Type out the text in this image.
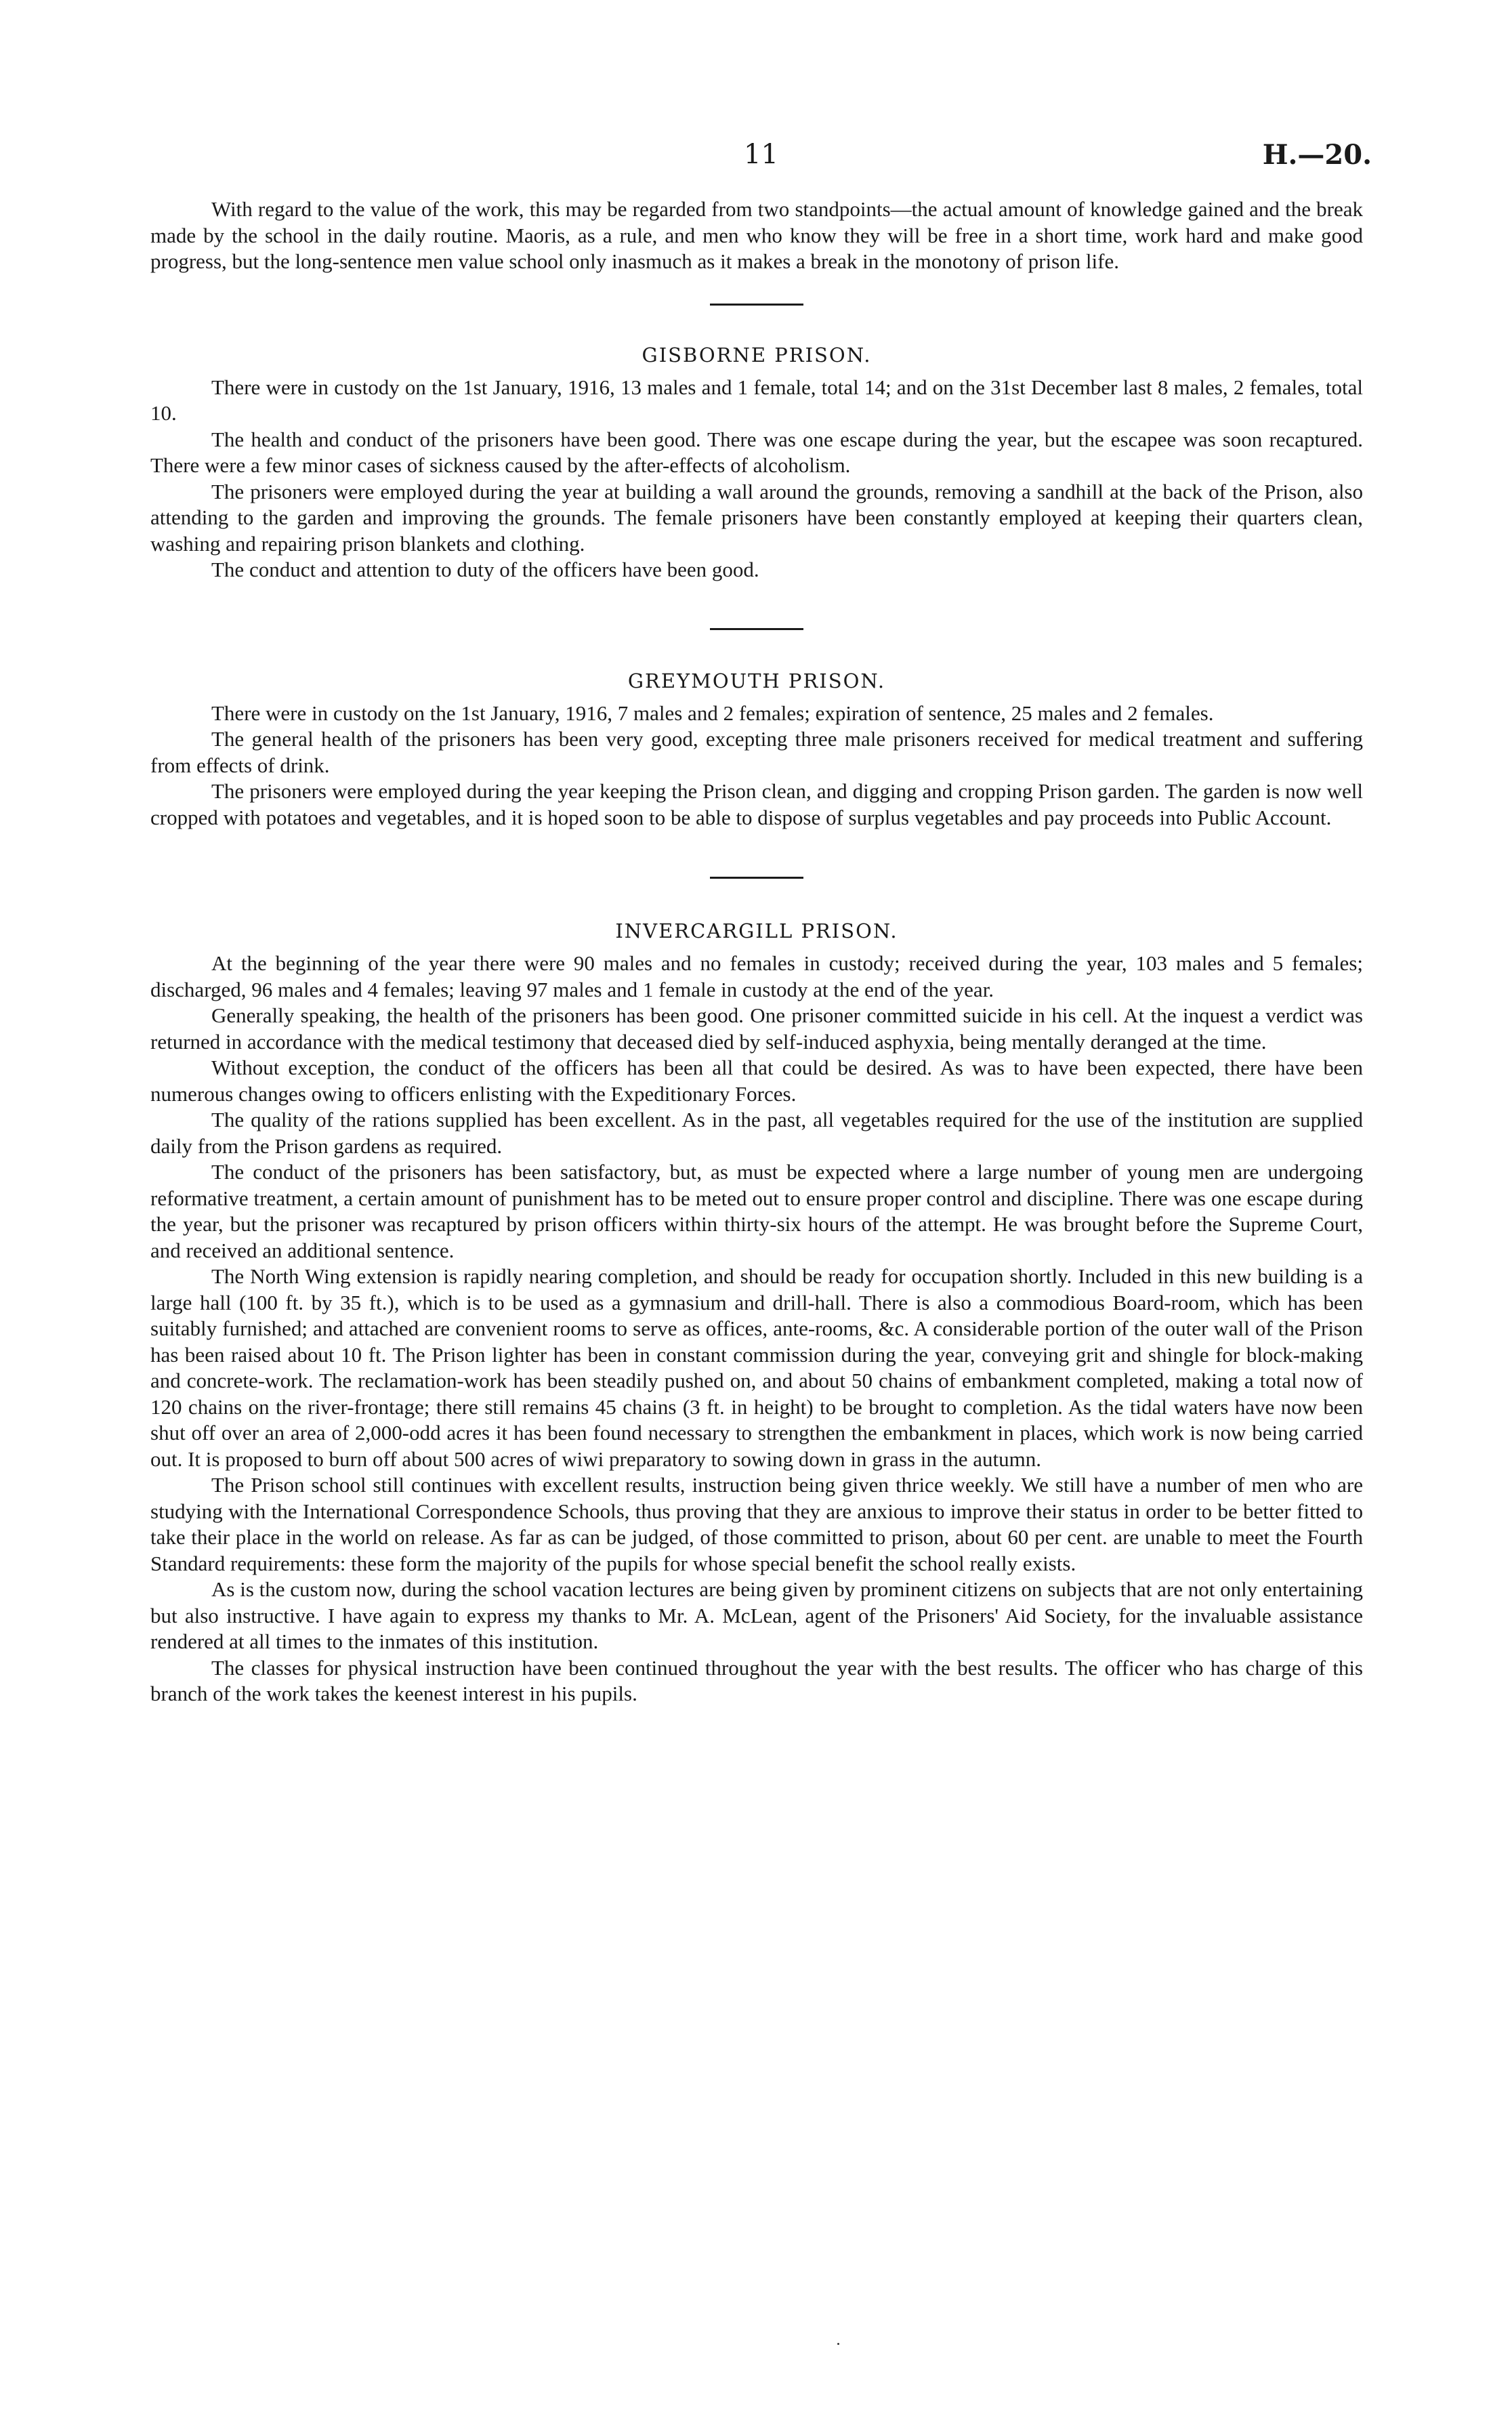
11	H.—20.

With regard to the value of the work, this may be regarded from two standpoints—the actual amount of knowledge gained and the break made by the school in the daily routine. Maoris, as a rule, and men who know they will be free in a short time, work hard and make good progress, but the long-sentence men value school only inasmuch as it makes a break in the monotony of prison life.

GISBORNE PRISON.

There were in custody on the 1st January, 1916, 13 males and 1 female, total 14; and on the 31st December last 8 males, 2 females, total 10.

The health and conduct of the prisoners have been good. There was one escape during the year, but the escapee was soon recaptured. There were a few minor cases of sickness caused by the after-effects of alcoholism.

The prisoners were employed during the year at building a wall around the grounds, removing a sandhill at the back of the Prison, also attending to the garden and improving the grounds. The female prisoners have been constantly employed at keeping their quarters clean, washing and repairing prison blankets and clothing.

The conduct and attention to duty of the officers have been good.

GREYMOUTH PRISON.

There were in custody on the 1st January, 1916, 7 males and 2 females; expiration of sentence, 25 males and 2 females.

The general health of the prisoners has been very good, excepting three male prisoners received for medical treatment and suffering from effects of drink.

The prisoners were employed during the year keeping the Prison clean, and digging and cropping Prison garden. The garden is now well cropped with potatoes and vegetables, and it is hoped soon to be able to dispose of surplus vegetables and pay proceeds into Public Account.

INVERCARGILL PRISON.

At the beginning of the year there were 90 males and no females in custody; received during the year, 103 males and 5 females; discharged, 96 males and 4 females; leaving 97 males and 1 female in custody at the end of the year.

Generally speaking, the health of the prisoners has been good. One prisoner committed suicide in his cell. At the inquest a verdict was returned in accordance with the medical testimony that deceased died by self-induced asphyxia, being mentally deranged at the time.

Without exception, the conduct of the officers has been all that could be desired. As was to have been expected, there have been numerous changes owing to officers enlisting with the Expeditionary Forces.

The quality of the rations supplied has been excellent. As in the past, all vegetables required for the use of the institution are supplied daily from the Prison gardens as required.

The conduct of the prisoners has been satisfactory, but, as must be expected where a large number of young men are undergoing reformative treatment, a certain amount of punishment has to be meted out to ensure proper control and discipline. There was one escape during the year, but the prisoner was recaptured by prison officers within thirty-six hours of the attempt. He was brought before the Supreme Court, and received an additional sentence.

The North Wing extension is rapidly nearing completion, and should be ready for occupation shortly. Included in this new building is a large hall (100 ft. by 35 ft.), which is to be used as a gymnasium and drill-hall. There is also a commodious Board-room, which has been suitably furnished; and attached are convenient rooms to serve as offices, ante-rooms, &c. A considerable portion of the outer wall of the Prison has been raised about 10 ft. The Prison lighter has been in constant commission during the year, conveying grit and shingle for block-making and concrete-work. The reclamation-work has been steadily pushed on, and about 50 chains of embankment completed, making a total now of 120 chains on the river-frontage; there still remains 45 chains (3 ft. in height) to be brought to completion. As the tidal waters have now been shut off over an area of 2,000-odd acres it has been found necessary to strengthen the embankment in places, which work is now being carried out. It is proposed to burn off about 500 acres of wiwi preparatory to sowing down in grass in the autumn.

The Prison school still continues with excellent results, instruction being given thrice weekly. We still have a number of men who are studying with the International Correspondence Schools, thus proving that they are anxious to improve their status in order to be better fitted to take their place in the world on release. As far as can be judged, of those committed to prison, about 60 per cent. are unable to meet the Fourth Standard requirements: these form the majority of the pupils for whose special benefit the school really exists.

As is the custom now, during the school vacation lectures are being given by prominent citizens on subjects that are not only entertaining but also instructive. I have again to express my thanks to Mr. A. McLean, agent of the Prisoners' Aid Society, for the invaluable assistance rendered at all times to the inmates of this institution.

The classes for physical instruction have been continued throughout the year with the best results. The officer who has charge of this branch of the work takes the keenest interest in his pupils.
